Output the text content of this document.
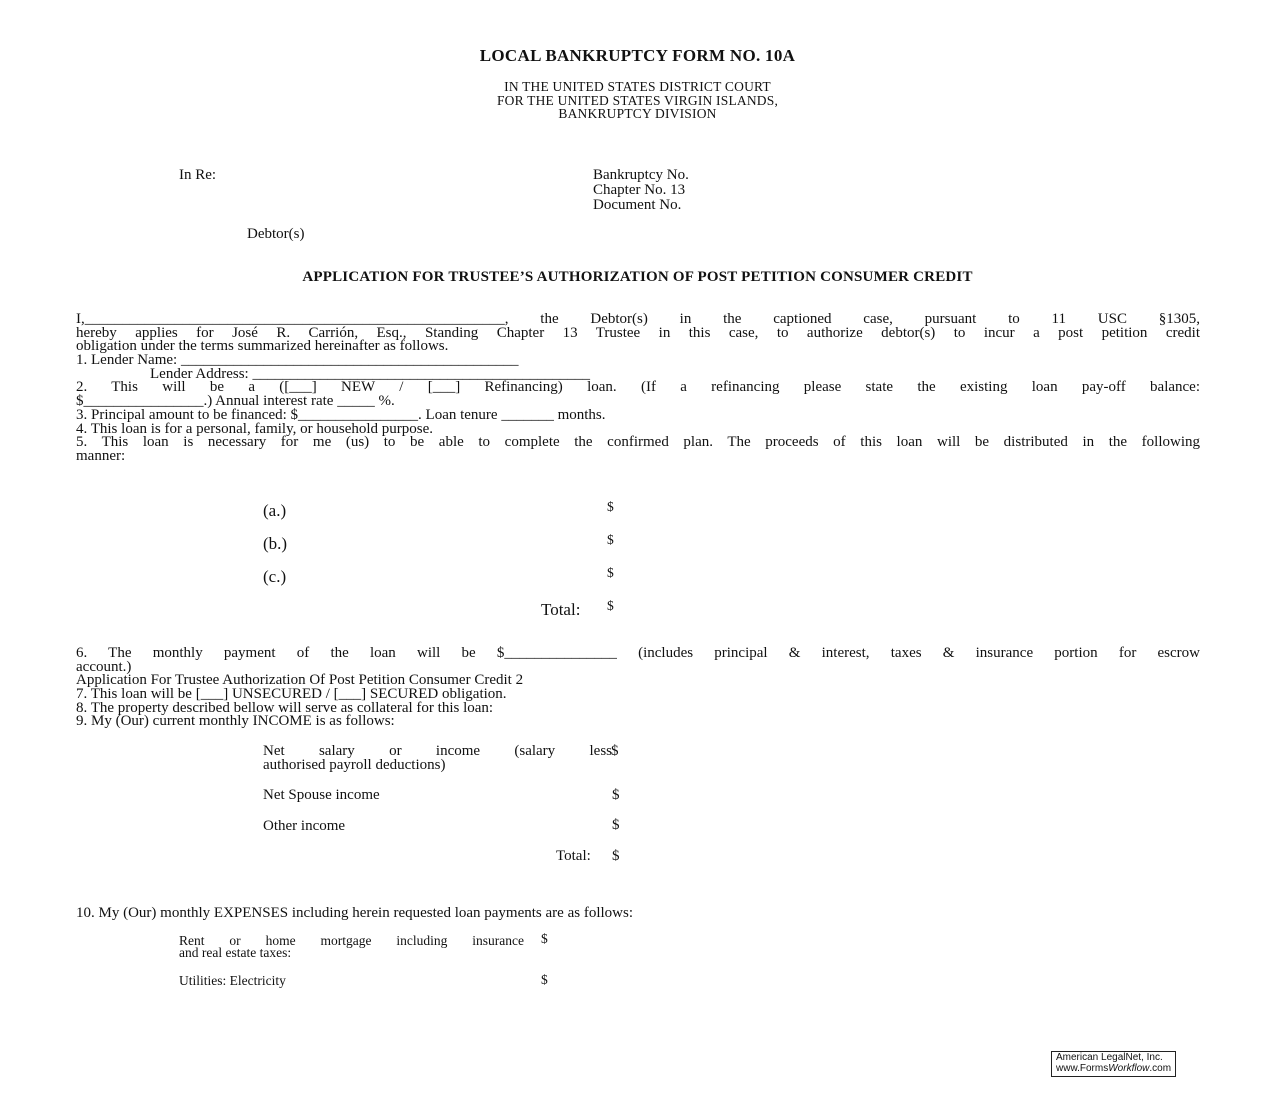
LOCAL BANKRUPTCY FORM NO. 10A
IN THE UNITED STATES DISTRICT COURT
FOR THE UNITED STATES VIRGIN ISLANDS,
BANKRUPTCY DIVISION
In Re:	Bankruptcy No.
Chapter No. 13
Document No.
Debtor(s)
APPLICATION FOR TRUSTEE’S AUTHORIZATION OF POST PETITION CONSUMER CREDIT
I,________________________________________________________, the Debtor(s) in the captioned case, pursuant to 11 USC §1305,
hereby applies for José R. Carrión, Esq., Standing Chapter 13 Trustee in this case, to authorize debtor(s) to incur a post petition credit
obligation under the terms summarized hereinafter as follows.
1. Lender Name: _____________________________________________
Lender Address: _____________________________________________
2. This will be a ([___] NEW / [___] Refinancing) loan. (If a refinancing please state the existing loan pay-off balance:
$________________.) Annual interest rate _____ %.
3. Principal amount to be financed: $________________. Loan tenure _______ months.
4. This loan is for a personal, family, or household purpose.
5. This loan is necessary for me (us) to be able to complete the confirmed plan. The proceeds of this loan will be distributed in the following
manner:
(a.)	$
(b.)	$
(c.)	$
Total: $
6. The monthly payment of the loan will be $_______________ (includes principal & interest, taxes & insurance portion for escrow
account.)
Application For Trustee Authorization Of Post Petition Consumer Credit 2
7. This loan will be [___] UNSECURED / [___] SECURED obligation.
8. The property described bellow will serve as collateral for this loan:
9. My (Our) current monthly INCOME is as follows:
Net salary or income (salary less
authorised payroll deductions)
$
Net Spouse income	$
Other income	$
Total: $
10. My (Our) monthly EXPENSES including herein requested loan payments are as follows:
Rent or home mortgage including insurance
and real estate taxes:
$
Utilities: Electricity	$
American LegalNet, Inc.
www.FormsWorkflow.com
